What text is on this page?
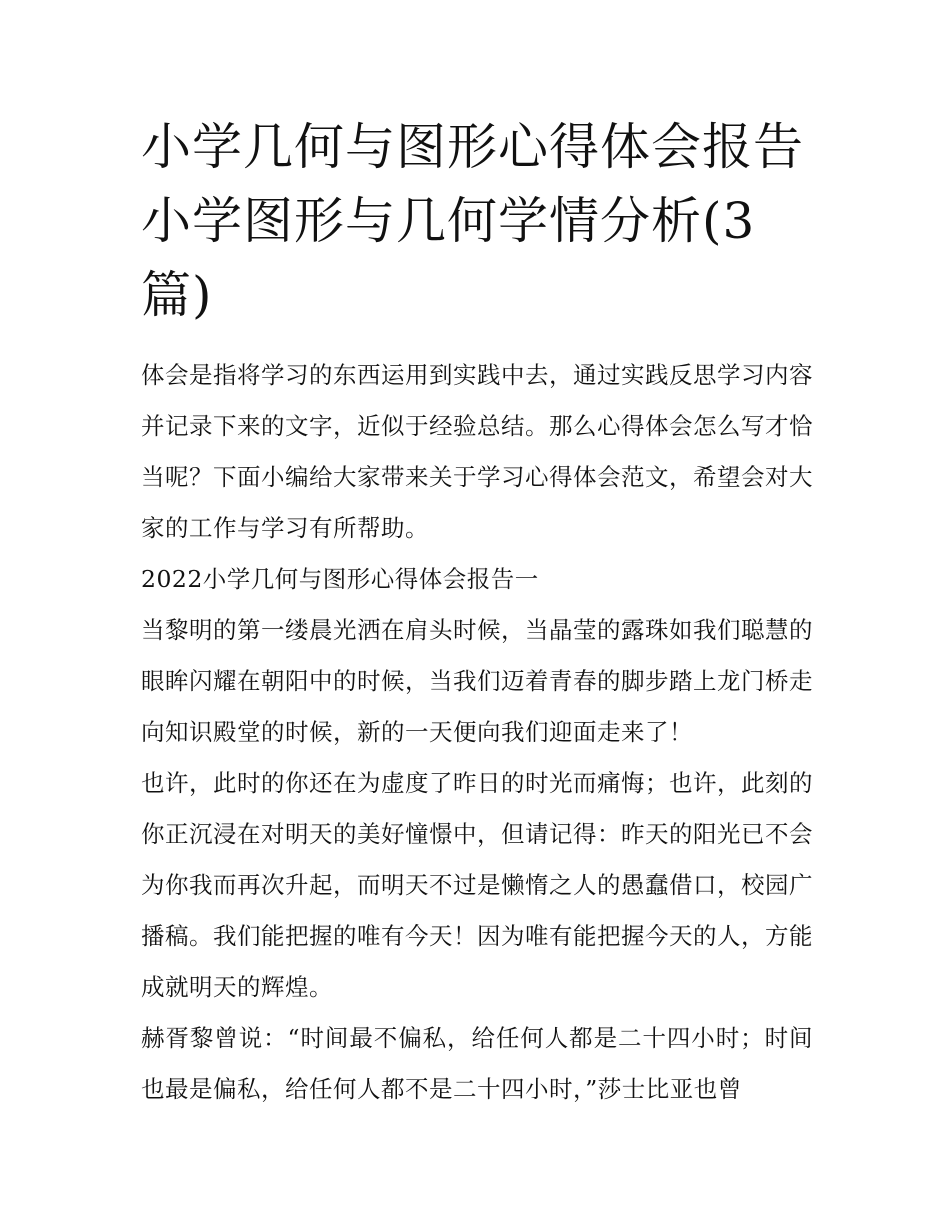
小学几何与图形心得体会报告小学图形与几何学情分析(3篇)

体会是指将学习的东西运用到实践中去，通过实践反思学习内容并记录下来的文字，近似于经验总结。那么心得体会怎么写才恰当呢？下面小编给大家带来关于学习心得体会范文，希望会对大家的工作与学习有所帮助。

2022小学几何与图形心得体会报告一

当黎明的第一缕晨光洒在肩头时候，当晶莹的露珠如我们聪慧的眼眸闪耀在朝阳中的时候，当我们迈着青春的脚步踏上龙门桥走向知识殿堂的时候，新的一天便向我们迎面走来了！

也许，此时的你还在为虚度了昨日的时光而痛悔；也许，此刻的你正沉浸在对明天的美好憧憬中，但请记得：昨天的阳光已不会为你我而再次升起，而明天不过是懒惰之人的愚蠢借口，校园广播稿。我们能把握的唯有今天！因为唯有能把握今天的人，方能成就明天的辉煌。

赫胥黎曾说：“时间最不偏私，给任何人都是二十四小时；时间也最是偏私，给任何人都不是二十四小时，”莎士比亚也曾
